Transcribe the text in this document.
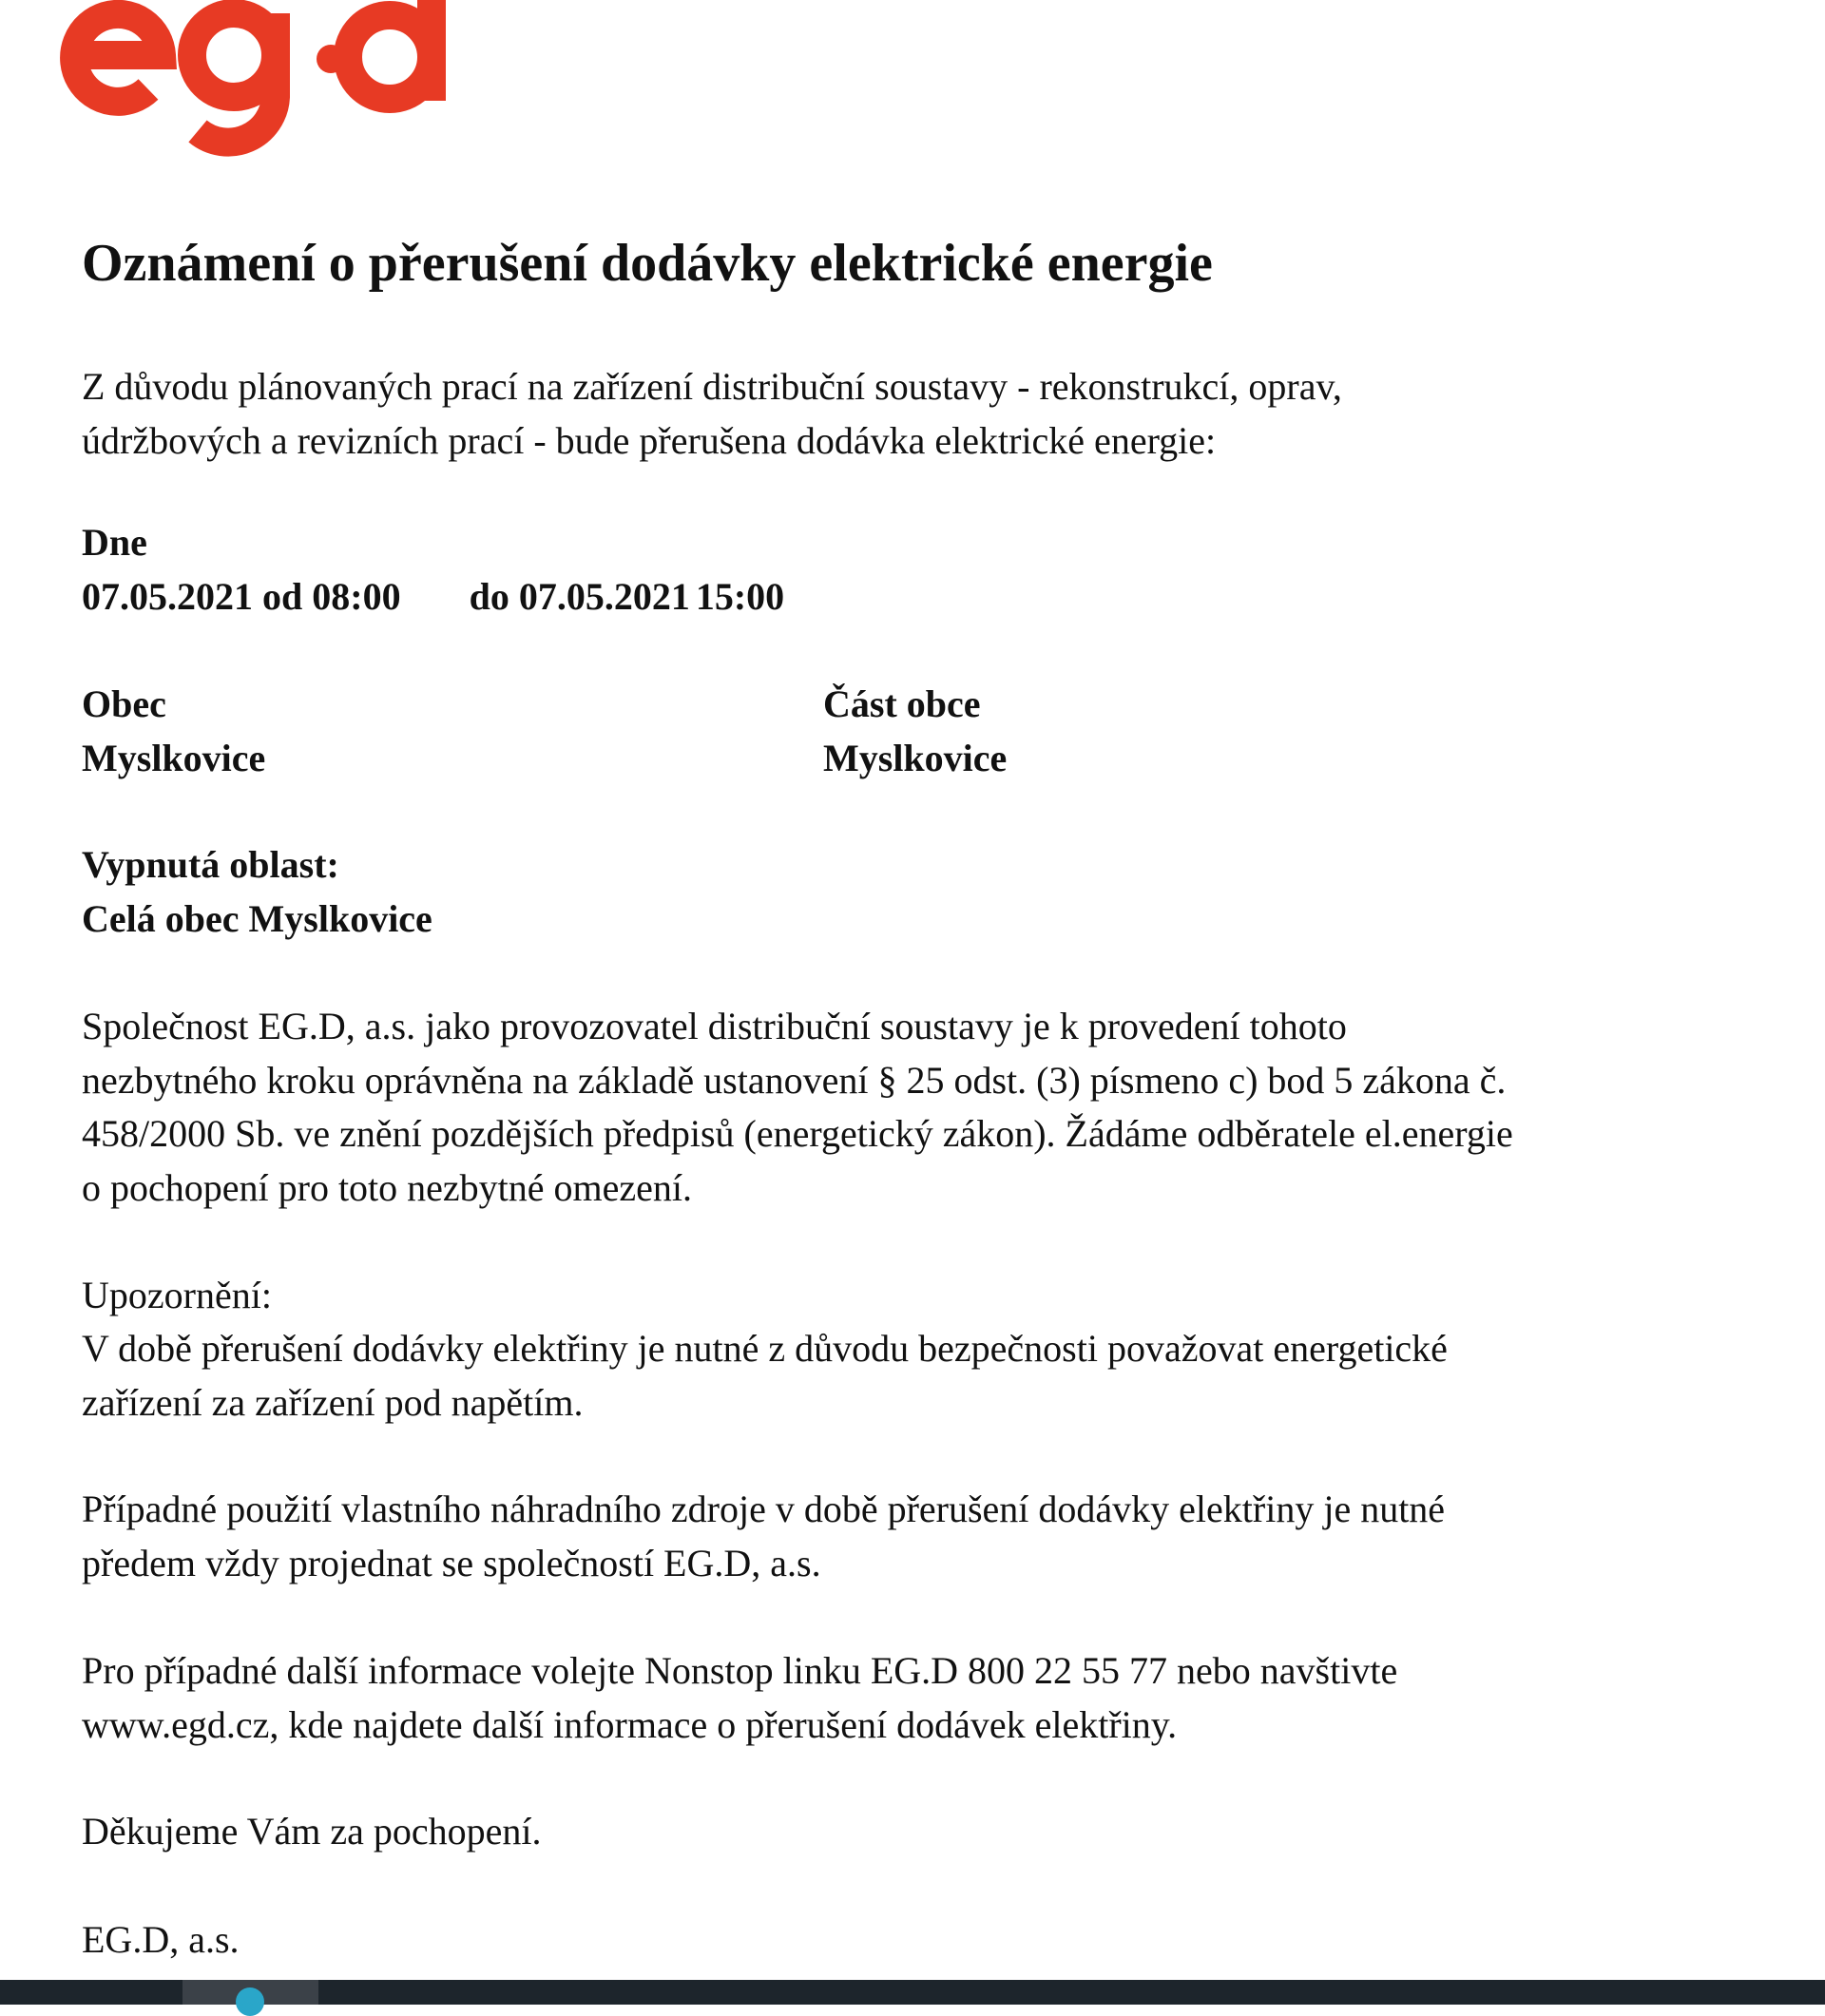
Oznámení o přerušení dodávky elektrické energie

Z důvodu plánovaných prací na zařízení distribuční soustavy - rekonstrukcí, oprav,

údržbových a revizních prací - bude přerušena dodávka elektrické energie:

Dne

07.05.2021 od 08:00 do 07.05.2021 15:00

Obec

Myslkovice

Část obce

Myslkovice

Vypnutá oblast:

Celá obec Myslkovice

Společnost EG.D, a.s. jako provozovatel distribuční soustavy je k provedení tohoto

nezbytného kroku oprávněna na základě ustanovení § 25 odst. (3) písmeno c) bod 5 zákona č.

458/2000 Sb. ve znění pozdějších předpisů (energetický zákon). Žádáme odběratele el.energie

o pochopení pro toto nezbytné omezení.

Upozornění:

V době přerušení dodávky elektřiny je nutné z důvodu bezpečnosti považovat energetické

zařízení za zařízení pod napětím.

Případné použití vlastního náhradního zdroje v době přerušení dodávky elektřiny je nutné

předem vždy projednat se společností EG.D, a.s.

Pro případné další informace volejte Nonstop linku EG.D 800 22 55 77 nebo navštivte

www.egd.cz, kde najdete další informace o přerušení dodávek elektřiny.

Děkujeme Vám za pochopení.

EG.D, a.s.
